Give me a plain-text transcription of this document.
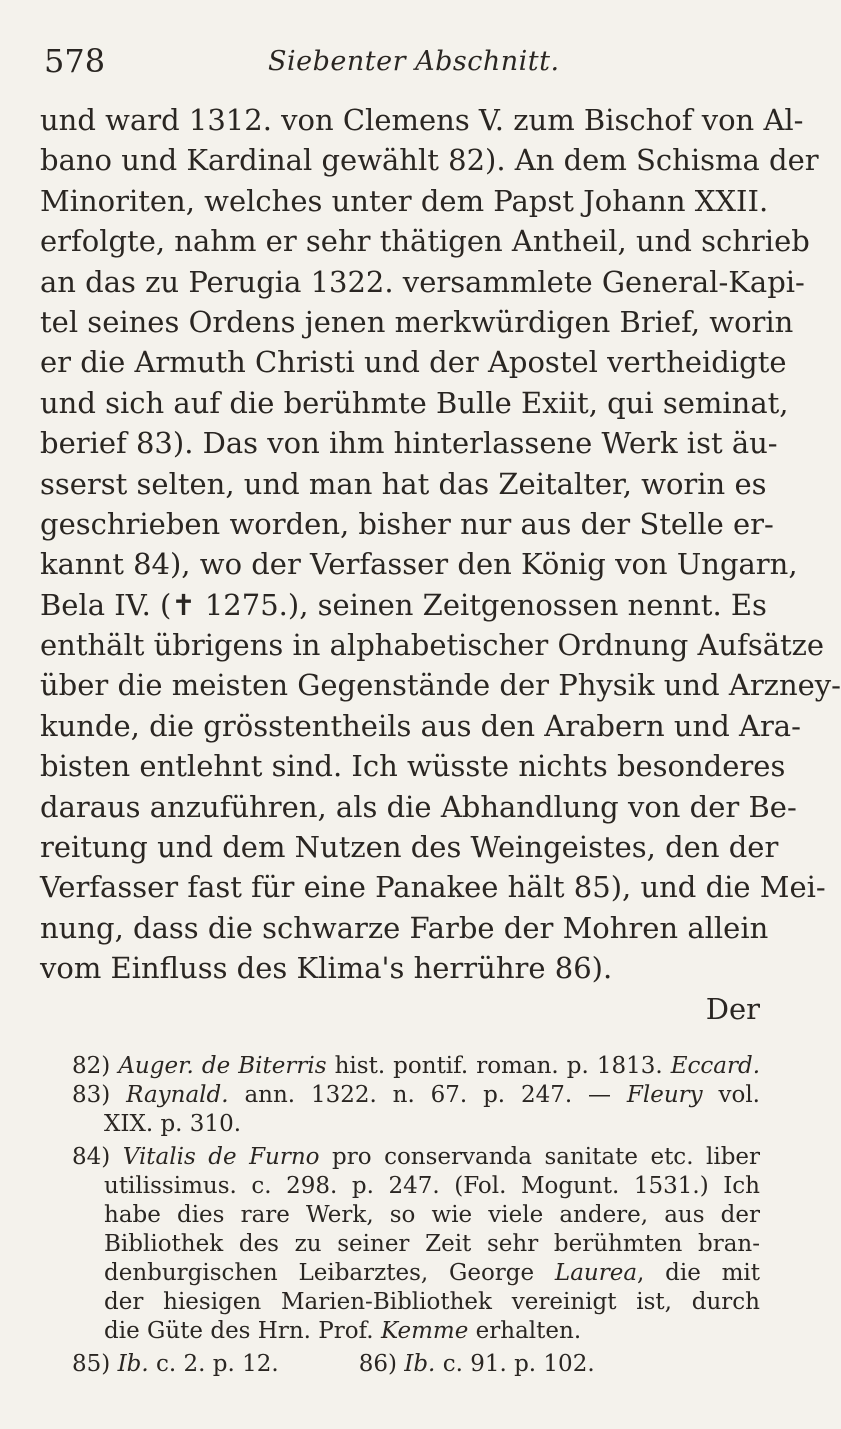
578	Siebenter Abschnitt.
und ward 1312. von Clemens V. zum Bischof von Al-
bano und Kardinal gewählt 82). An dem Schisma der
Minoriten, welches unter dem Papst Johann XXII.
erfolgte, nahm er sehr thätigen Antheil, und schrieb
an das zu Perugia 1322. versammlete General-Kapi-
tel seines Ordens jenen merkwürdigen Brief, worin
er die Armuth Christi und der Apostel vertheidigte
und sich auf die berühmte Bulle Exiit, qui seminat,
berief 83). Das von ihm hinterlassene Werk ist äu-
sserst selten, und man hat das Zeitalter, worin es
geschrieben worden, bisher nur aus der Stelle er-
kannt 84), wo der Verfasser den König von Ungarn,
Bela IV. (✝ 1275.), seinen Zeitgenossen nennt. Es
enthält übrigens in alphabetischer Ordnung Aufsätze
über die meisten Gegenstände der Physik und Arzney-
kunde, die grösstentheils aus den Arabern und Ara-
bisten entlehnt sind. Ich wüsste nichts besonderes
daraus anzuführen, als die Abhandlung von der Be-
reitung und dem Nutzen des Weingeistes, den der
Verfasser fast für eine Panakee hält 85), und die Mei-
nung, dass die schwarze Farbe der Mohren allein
vom Einfluss des Klima's herrühre 86).
Der
82) Auger. de Biterris hist. pontif. roman. p. 1813. Eccard.
83) Raynald. ann. 1322. n. 67. p. 247. — Fleury vol.
XIX. p. 310.
84) Vitalis de Furno pro conservanda sanitate etc. liber
utilissimus. c. 298. p. 247. (Fol. Mogunt. 1531.) Ich
habe dies rare Werk, so wie viele andere, aus der
Bibliothek des zu seiner Zeit sehr berühmten bran-
denburgischen Leibarztes, George Laurea, die mit
der hiesigen Marien-Bibliothek vereinigt ist, durch
die Güte des Hrn. Prof. Kemme erhalten.
85) Ib. c. 2. p. 12.	86) Ib. c. 91. p. 102.
